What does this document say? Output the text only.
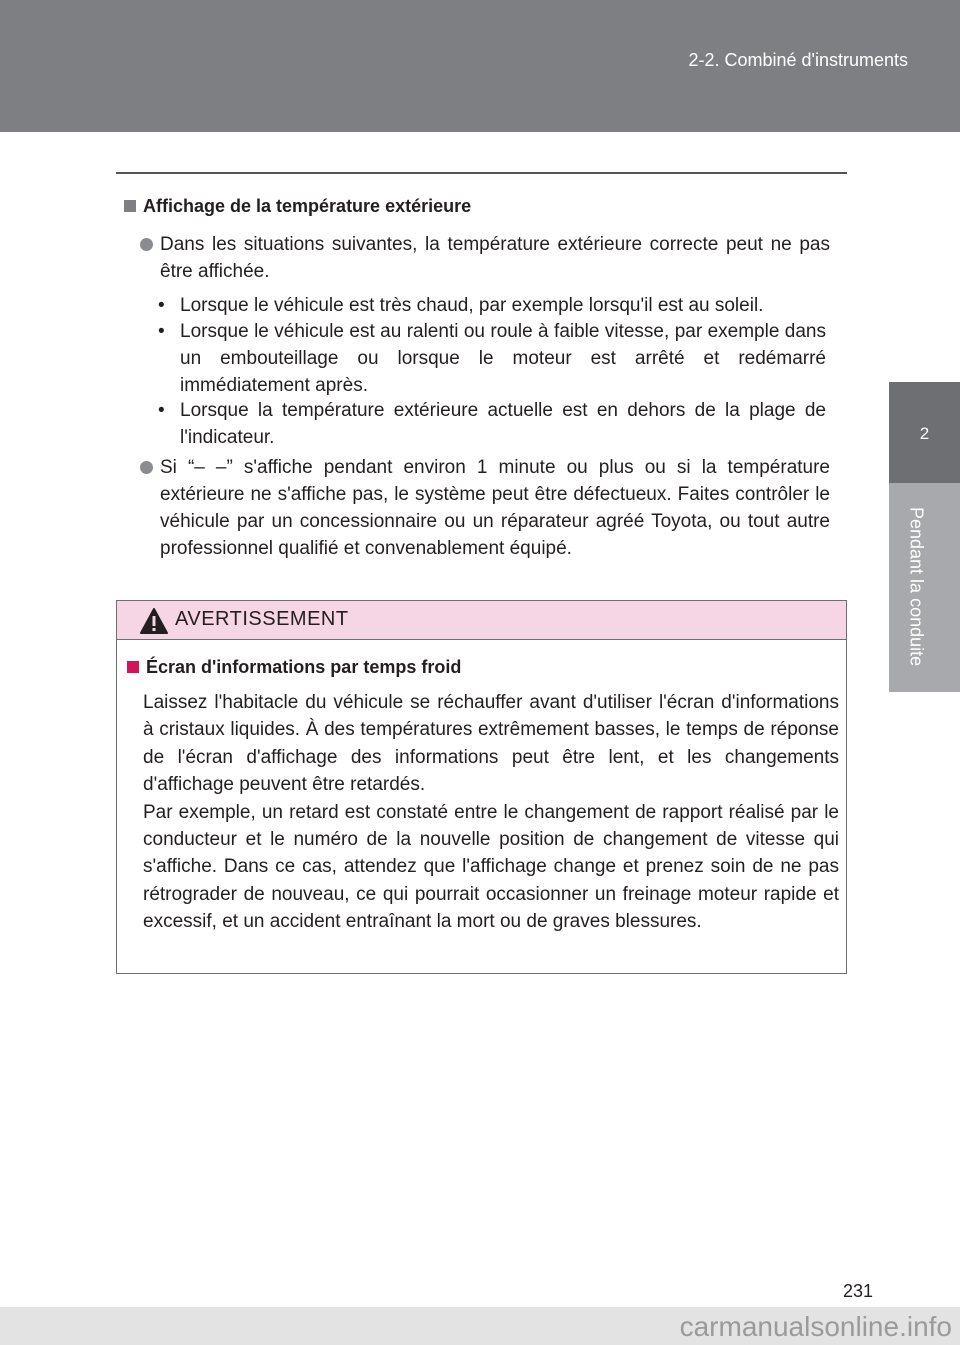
2-2. Combiné d'instruments
2
Pendant la conduite
Affichage de la température extérieure
Dans les situations suivantes, la température extérieure correcte peut ne pas être affichée.
• Lorsque le véhicule est très chaud, par exemple lorsqu'il est au soleil.
• Lorsque le véhicule est au ralenti ou roule à faible vitesse, par exemple dans un embouteillage ou lorsque le moteur est arrêté et redémarré immédiatement après.
• Lorsque la température extérieure actuelle est en dehors de la plage de l'indicateur.
Si “– –” s'affiche pendant environ 1 minute ou plus ou si la température extérieure ne s'affiche pas, le système peut être défectueux. Faites contrôler le véhicule par un concessionnaire ou un réparateur agréé Toyota, ou tout autre professionnel qualifié et convenablement équipé.
AVERTISSEMENT
Écran d'informations par temps froid
Laissez l'habitacle du véhicule se réchauffer avant d'utiliser l'écran d'informations à cristaux liquides. À des températures extrêmement basses, le temps de réponse de l'écran d'affichage des informations peut être lent, et les changements d'affichage peuvent être retardés.
Par exemple, un retard est constaté entre le changement de rapport réalisé par le conducteur et le numéro de la nouvelle position de changement de vitesse qui s'affiche. Dans ce cas, attendez que l'affichage change et prenez soin de ne pas rétrograder de nouveau, ce qui pourrait occasionner un freinage moteur rapide et excessif, et un accident entraînant la mort ou de graves blessures.
231
carmanualsonline.info
